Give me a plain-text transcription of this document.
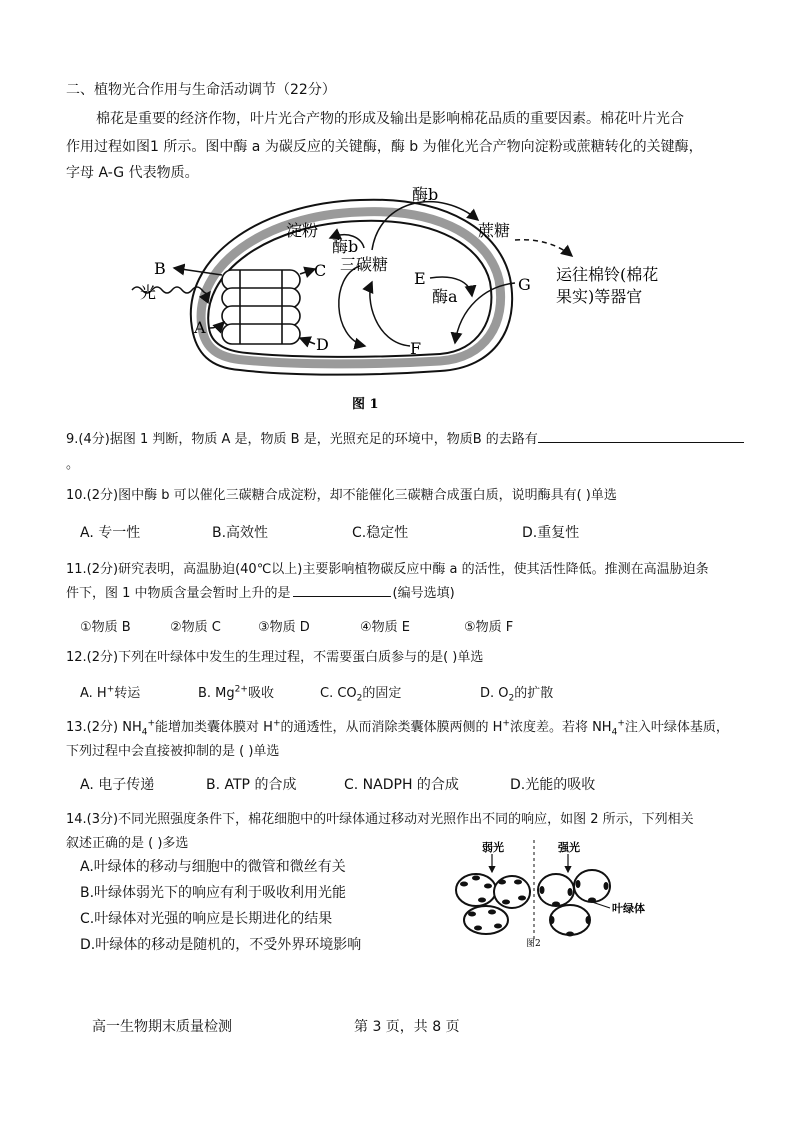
二、植物光合作用与生命活动调节（22分）
棉花是重要的经济作物，叶片光合产物的形成及输出是影响棉花品质的重要因素。棉花叶片光合
作用过程如图1 所示。图中酶 a 为碳反应的关键酶，酶 b 为催化光合产物向淀粉或蔗糖转化的关键酶，
字母 A-G 代表物质。
B
光
A
C
D
淀粉
酶b
三碳糖
酶b
蔗糖
E
酶a
F
G
运往棉铃(棉花
果实)等器官
图 1
9.(4分)据图 1 判断，物质 A 是，物质 B 是，光照充足的环境中，物质B 的去路有
。
10.(2分)图中酶 b 可以催化三碳糖合成淀粉，却不能催化三碳糖合成蛋白质，说明酶具有( )单选
A. 专一性	B.高效性	C.稳定性	D.重复性
11.(2分)研究表明，高温胁迫(40℃以上)主要影响植物碳反应中酶 a 的活性，使其活性降低。推测在高温胁迫条
件下，图 1 中物质含量会暂时上升的是	(编号选填)
①物质 B	②物质 C	③物质 D	④物质 E	⑤物质 F
12.(2分)下列在叶绿体中发生的生理过程，不需要蛋白质参与的是( )单选
A. H+转运	B. $Mg^{2+}$吸收	C. $CO_2$的固定	D. $O_2$的扩散
13.(2分) $NH_4^+$能增加类囊体膜对 H+的通透性，从而消除类囊体膜两侧的 H+浓度差。若将 $NH_4^+$注入叶绿体基质，
下列过程中会直接被抑制的是 ( )单选
A. 电子传递	B. ATP 的合成	C. NADPH 的合成	D.光能的吸收
14.(3分)不同光照强度条件下，棉花细胞中的叶绿体通过移动对光照作出不同的响应，如图 2 所示，下列相关
叙述正确的是 ( )多选
A.叶绿体的移动与细胞中的微管和微丝有关
B.叶绿体弱光下的响应有利于吸收利用光能
C.叶绿体对光强的响应是长期进化的结果
D.叶绿体的移动是随机的，不受外界环境影响
弱光	强光
叶绿体
图2
高一生物期末质量检测	第 3 页，共 8 页
